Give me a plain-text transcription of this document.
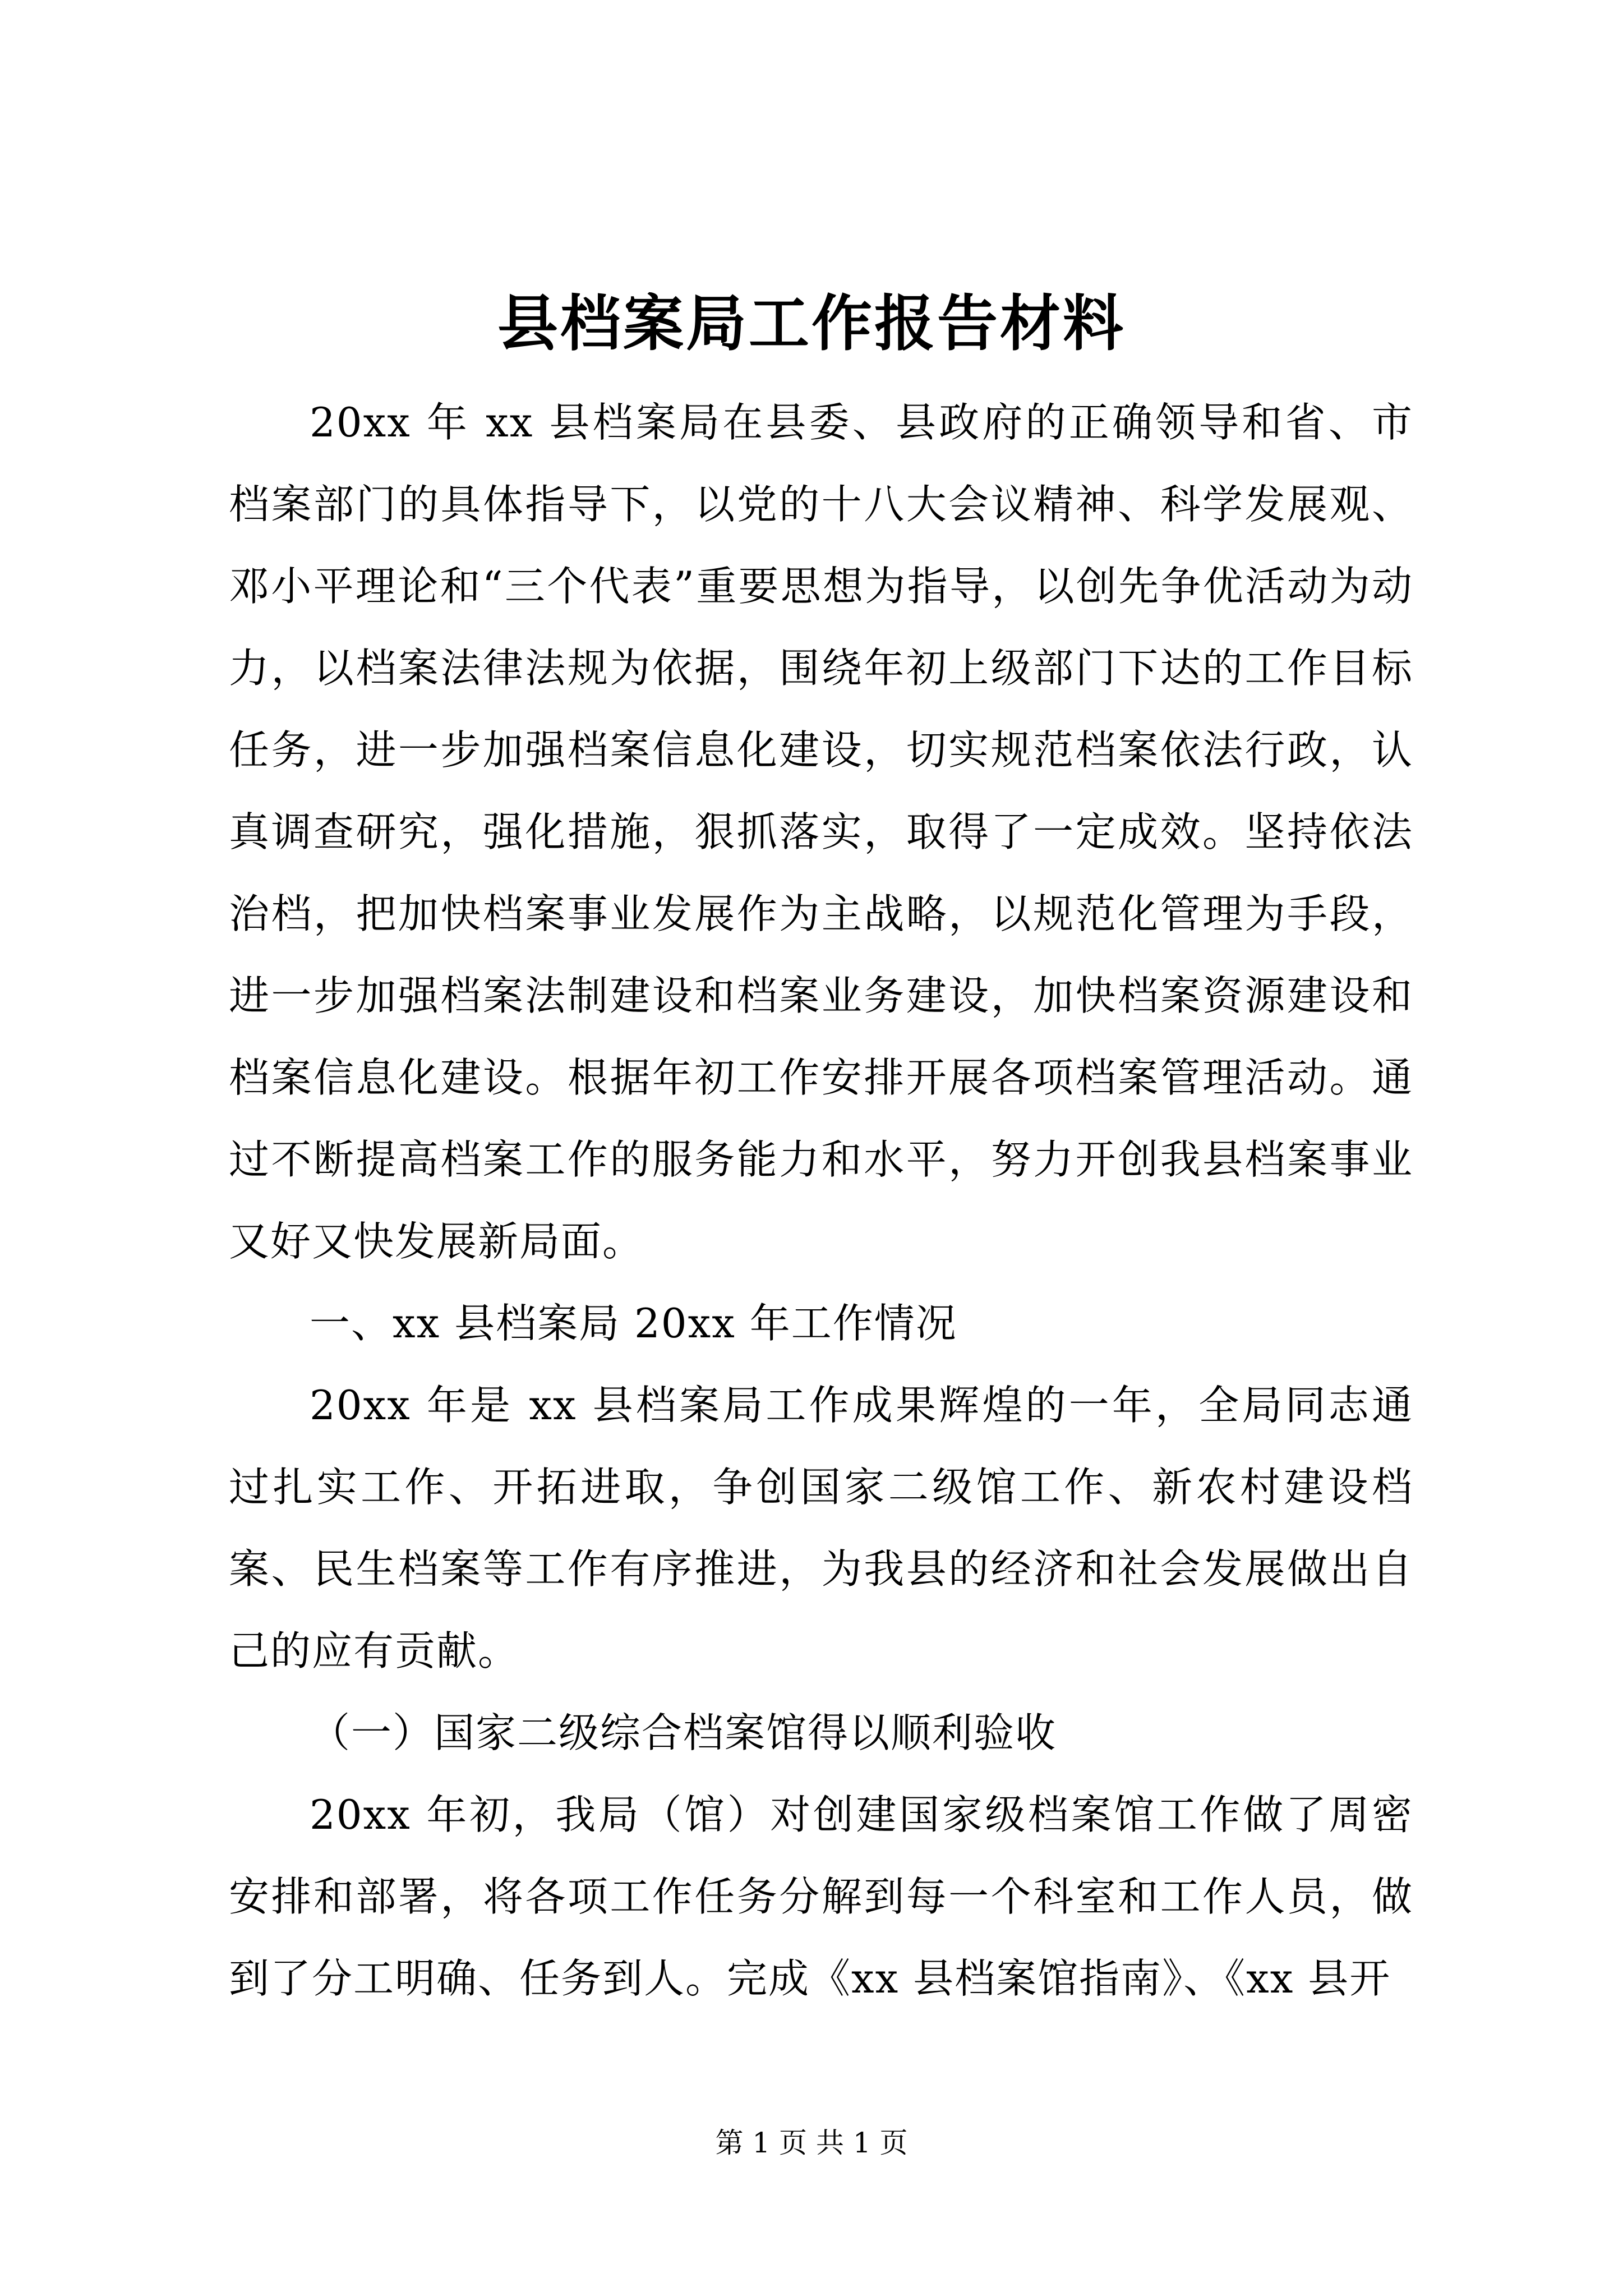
县档案局工作报告材料

20xx 年 xx 县档案局在县委、县政府的正确领导和省、市档案部门的具体指导下，以党的十八大会议精神、科学发展观、邓小平理论和“三个代表”重要思想为指导，以创先争优活动为动力，以档案法律法规为依据，围绕年初上级部门下达的工作目标任务，进一步加强档案信息化建设，切实规范档案依法行政，认真调查研究，强化措施，狠抓落实，取得了一定成效。坚持依法治档，把加快档案事业发展作为主战略，以规范化管理为手段，进一步加强档案法制建设和档案业务建设，加快档案资源建设和档案信息化建设。根据年初工作安排开展各项档案管理活动。通过不断提高档案工作的服务能力和水平，努力开创我县档案事业又好又快发展新局面。

一、xx 县档案局 20xx 年工作情况

20xx 年是 xx 县档案局工作成果辉煌的一年，全局同志通过扎实工作、开拓进取，争创国家二级馆工作、新农村建设档案、民生档案等工作有序推进，为我县的经济和社会发展做出自己的应有贡献。

（一）国家二级综合档案馆得以顺利验收

20xx 年初，我局（馆）对创建国家级档案馆工作做了周密安排和部署，将各项工作任务分解到每一个科室和工作人员，做到了分工明确、任务到人。完成《xx 县档案馆指南》、《xx 县开

第 1 页 共 1 页
